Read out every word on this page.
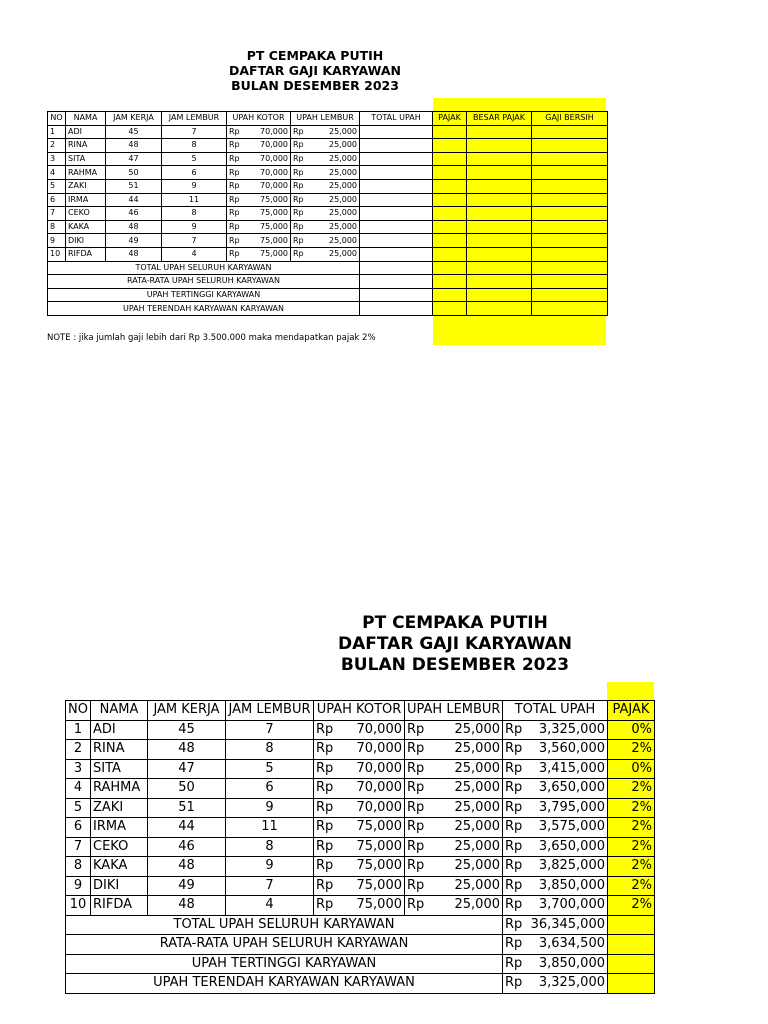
PT CEMPAKA PUTIH
DAFTAR GAJI KARYAWAN
BULAN DESEMBER 2023
NO	NAMA	JAM KERJA	JAM LEMBUR	UPAH KOTOR	UPAH LEMBUR	TOTAL UPAH	PAJAK	BESAR PAJAK	GAJI BERSIH
1	ADI	45	7	Rp 70,000	Rp 25,000				

2	RINA	48	8	Rp 70,000	Rp 25,000				

3	SITA	47	5	Rp 70,000	Rp 25,000				

4	RAHMA	50	6	Rp 70,000	Rp 25,000				

5	ZAKI	51	9	Rp 70,000	Rp 25,000				

6	IRMA	44	11	Rp 75,000	Rp 25,000				

7	CEKO	46	8	Rp 75,000	Rp 25,000				

8	KAKA	48	9	Rp 75,000	Rp 25,000				

9	DIKI	49	7	Rp 75,000	Rp 25,000				

10	RIFDA	48	4	Rp 75,000	Rp 25,000				

TOTAL UPAH SELURUH KARYAWAN									
RATA-RATA UPAH SELURUH KARYAWAN									
UPAH TERTINGGI KARYAWAN									
UPAH TERENDAH KARYAWAN KARYAWAN									
NOTE : jika jumlah gaji lebih dari Rp 3.500.000 maka mendapatkan pajak 2%
PT CEMPAKA PUTIH
DAFTAR GAJI KARYAWAN
BULAN DESEMBER 2023
NO	NAMA	JAM KERJA	JAM LEMBUR	UPAH KOTOR	UPAH LEMBUR	TOTAL UPAH	PAJAK
1	ADI	45	7	Rp 70,000	Rp 25,000	Rp 3,325,000	0%
2	RINA	48	8	Rp 70,000	Rp 25,000	Rp 3,560,000	2%
3	SITA	47	5	Rp 70,000	Rp 25,000	Rp 3,415,000	0%
4	RAHMA	50	6	Rp 70,000	Rp 25,000	Rp 3,650,000	2%
5	ZAKI	51	9	Rp 70,000	Rp 25,000	Rp 3,795,000	2%
6	IRMA	44	11	Rp 75,000	Rp 25,000	Rp 3,575,000	2%
7	CEKO	46	8	Rp 75,000	Rp 25,000	Rp 3,650,000	2%
8	KAKA	48	9	Rp 75,000	Rp 25,000	Rp 3,825,000	2%
9	DIKI	49	7	Rp 75,000	Rp 25,000	Rp 3,850,000	2%
10	RIFDA	48	4	Rp 75,000	Rp 25,000	Rp 3,700,000	2%
TOTAL UPAH SELURUH KARYAWAN						Rp 36,345,000	

RATA-RATA UPAH SELURUH KARYAWAN						Rp 3,634,500	

UPAH TERTINGGI KARYAWAN						Rp 3,850,000	

UPAH TERENDAH KARYAWAN KARYAWAN						Rp 3,325,000	
